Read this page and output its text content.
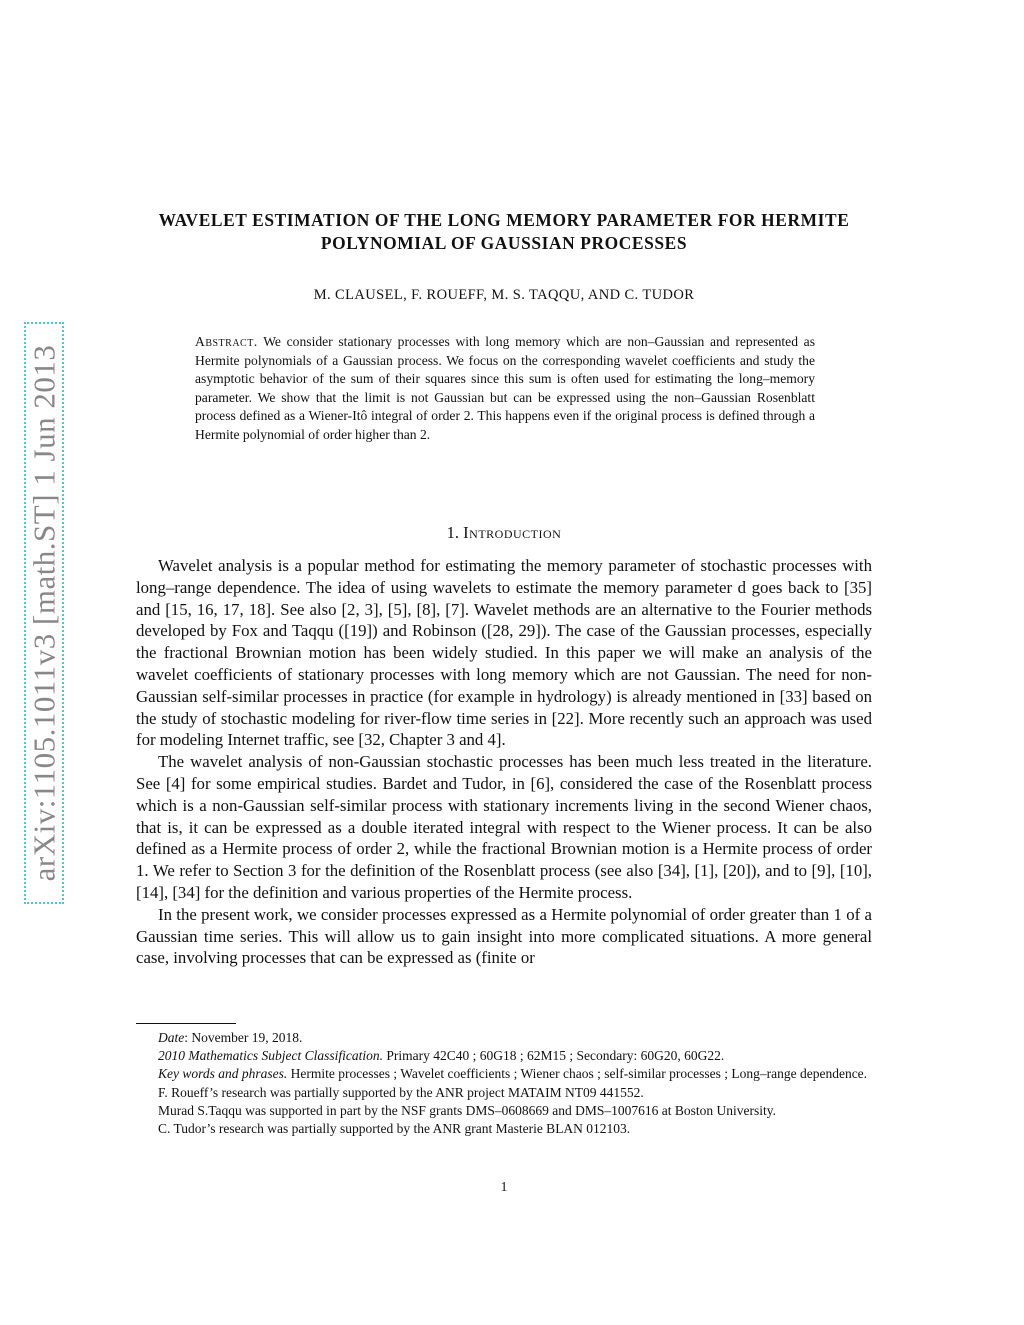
arXiv:1105.1011v3 [math.ST] 1 Jun 2013
WAVELET ESTIMATION OF THE LONG MEMORY PARAMETER FOR HERMITE POLYNOMIAL OF GAUSSIAN PROCESSES
M. CLAUSEL, F. ROUEFF, M. S. TAQQU, AND C. TUDOR
Abstract. We consider stationary processes with long memory which are non–Gaussian and represented as Hermite polynomials of a Gaussian process. We focus on the corresponding wavelet coefficients and study the asymptotic behavior of the sum of their squares since this sum is often used for estimating the long–memory parameter. We show that the limit is not Gaussian but can be expressed using the non–Gaussian Rosenblatt process defined as a Wiener-Itô integral of order 2. This happens even if the original process is defined through a Hermite polynomial of order higher than 2.
1. Introduction

Wavelet analysis is a popular method for estimating the memory parameter of stochastic processes with long–range dependence. The idea of using wavelets to estimate the memory parameter d goes back to [35] and [15, 16, 17, 18]. See also [2, 3], [5], [8], [7]. Wavelet methods are an alternative to the Fourier methods developed by Fox and Taqqu ([19]) and Robinson ([28, 29]). The case of the Gaussian processes, especially the fractional Brownian motion has been widely studied. In this paper we will make an analysis of the wavelet coefficients of stationary processes with long memory which are not Gaussian. The need for non-Gaussian self-similar processes in practice (for example in hydrology) is already mentioned in [33] based on the study of stochastic modeling for river-flow time series in [22]. More recently such an approach was used for modeling Internet traffic, see [32, Chapter 3 and 4].

The wavelet analysis of non-Gaussian stochastic processes has been much less treated in the literature. See [4] for some empirical studies. Bardet and Tudor, in [6], considered the case of the Rosenblatt process which is a non-Gaussian self-similar process with stationary increments living in the second Wiener chaos, that is, it can be expressed as a double iterated integral with respect to the Wiener process. It can be also defined as a Hermite process of order 2, while the fractional Brownian motion is a Hermite process of order 1. We refer to Section 3 for the definition of the Rosenblatt process (see also [34], [1], [20]), and to [9], [10], [14], [34] for the definition and various properties of the Hermite process.

In the present work, we consider processes expressed as a Hermite polynomial of order greater than 1 of a Gaussian time series. This will allow us to gain insight into more complicated situations. A more general case, involving processes that can be expressed as (finite or

Date: November 19, 2018.

2010 Mathematics Subject Classification. Primary 42C40 ; 60G18 ; 62M15 ; Secondary: 60G20, 60G22.

Key words and phrases. Hermite processes ; Wavelet coefficients ; Wiener chaos ; self-similar processes ; Long–range dependence.

F. Roueff’s research was partially supported by the ANR project MATAIM NT09 441552.

Murad S.Taqqu was supported in part by the NSF grants DMS–0608669 and DMS–1007616 at Boston University.

C. Tudor’s research was partially supported by the ANR grant Masterie BLAN 012103.

1
